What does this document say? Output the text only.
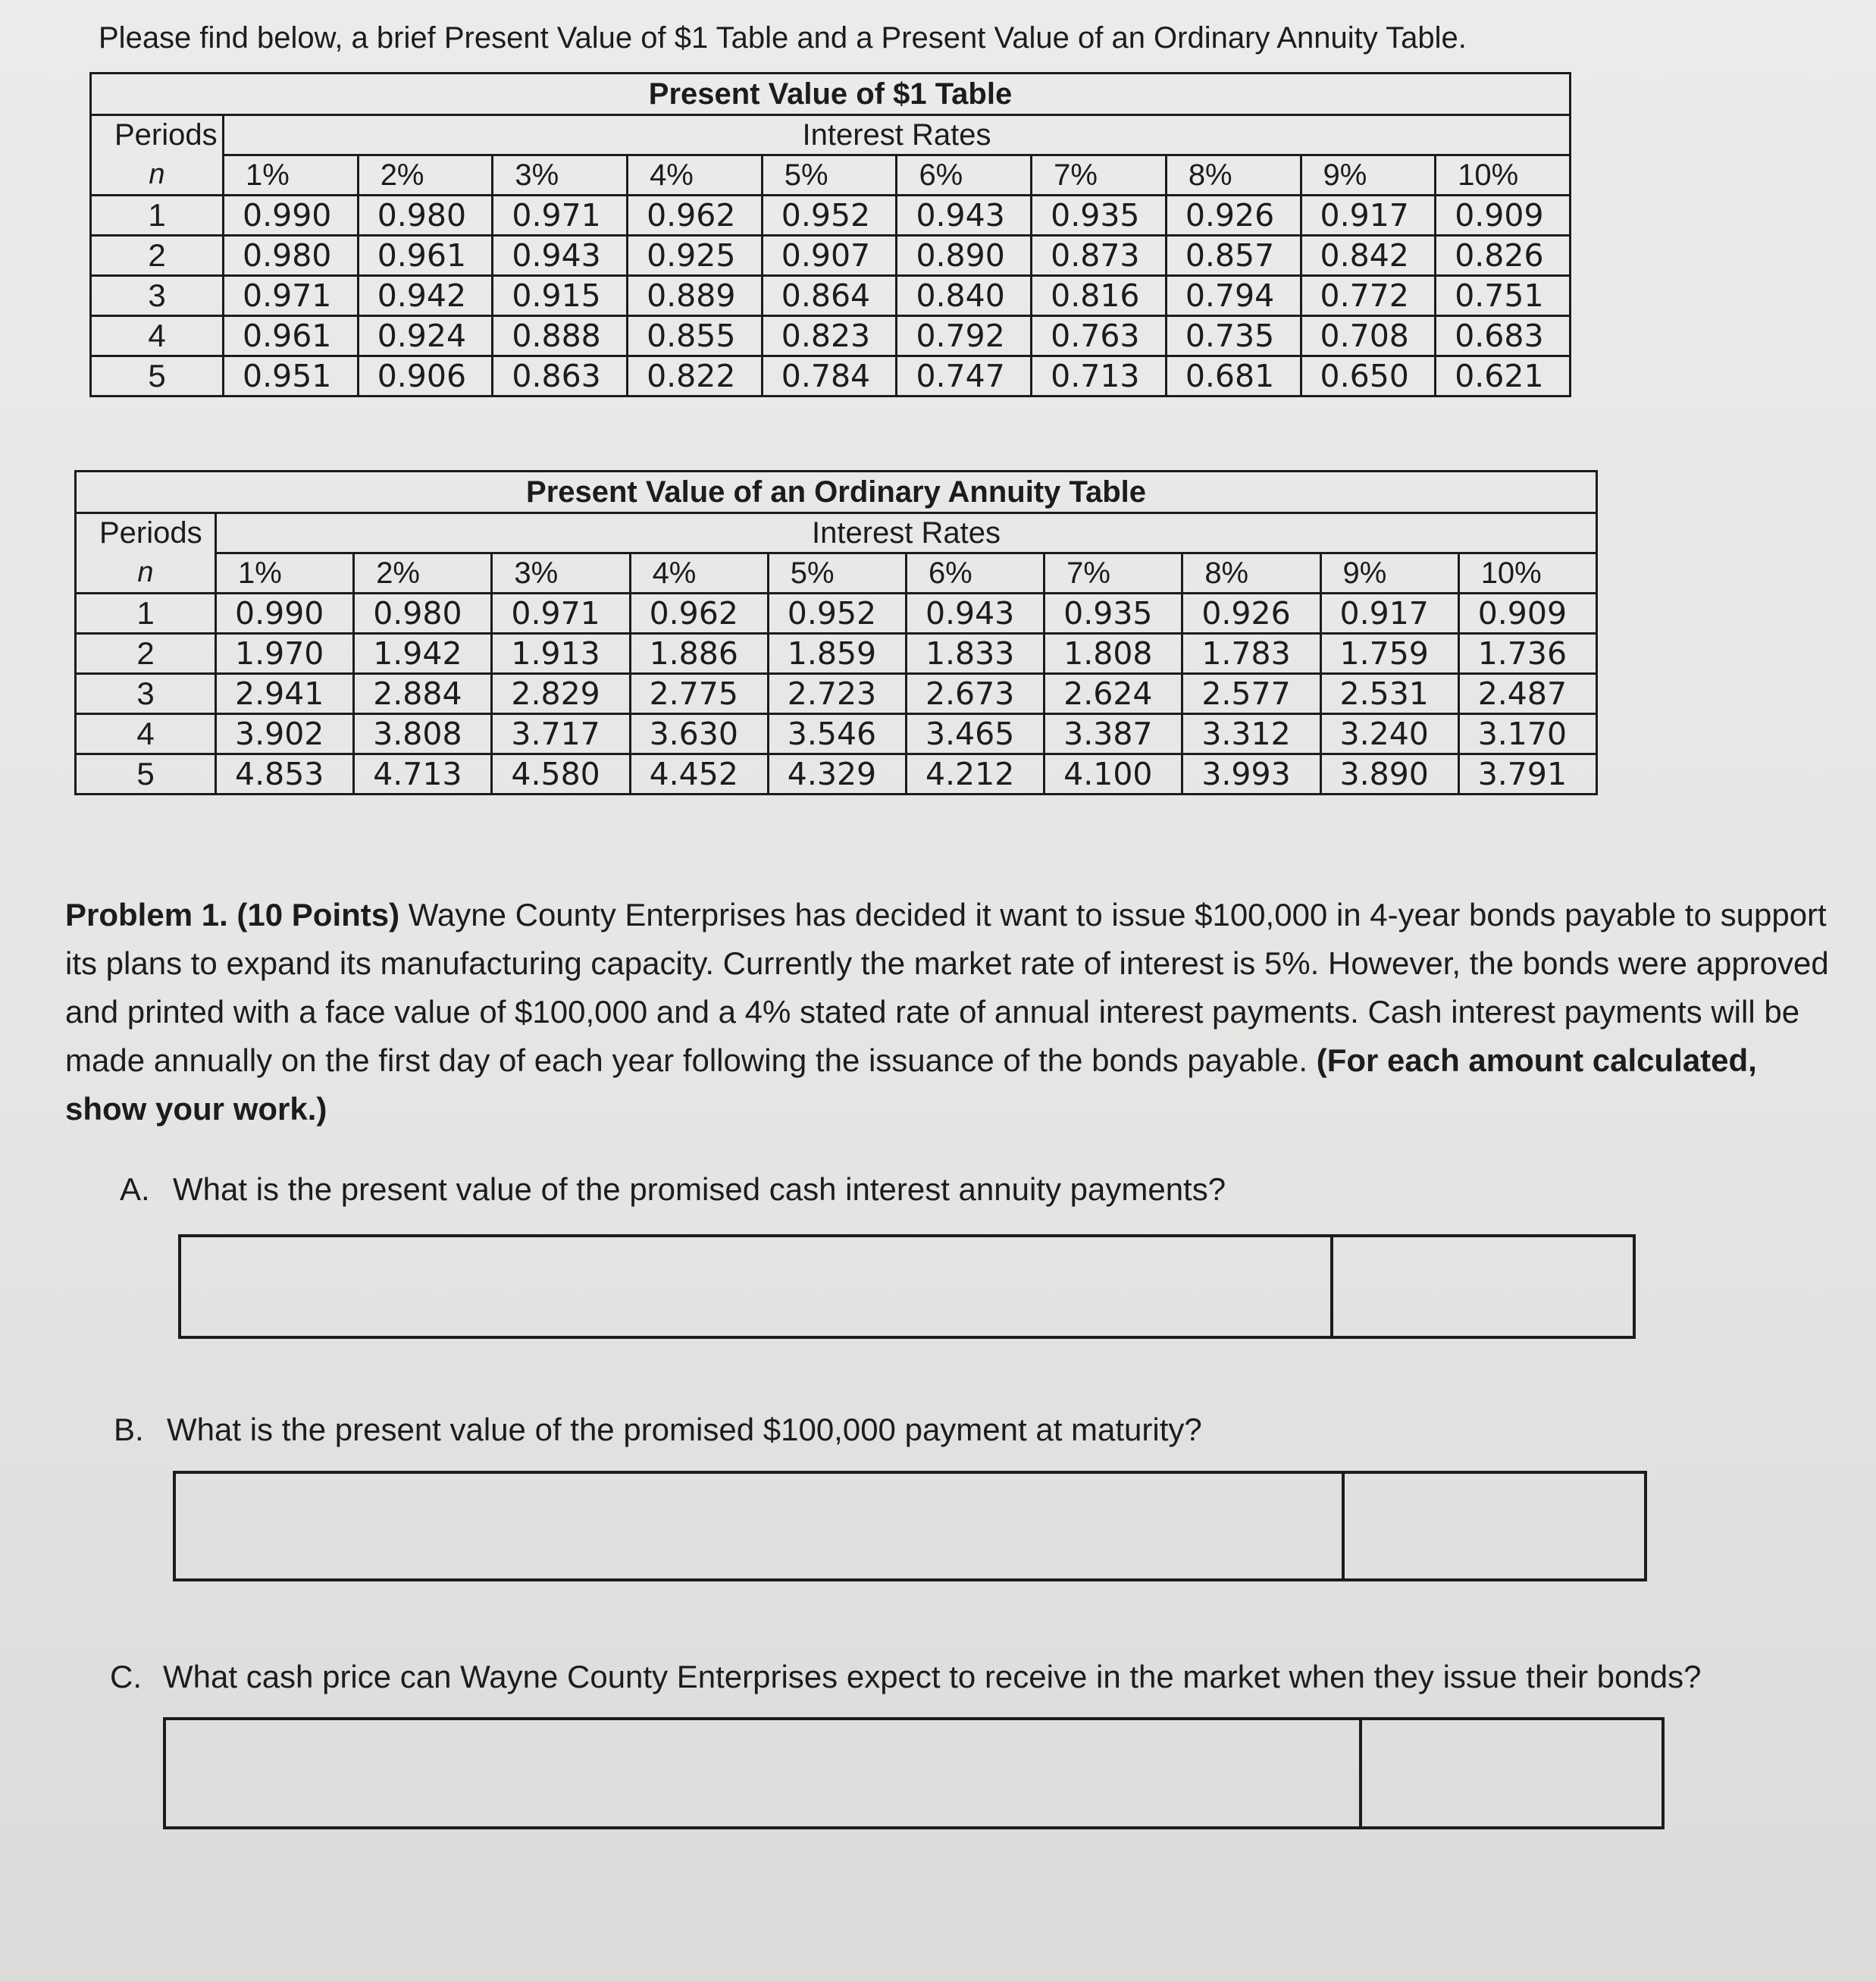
Please find below, a brief Present Value of $1 Table and a Present Value of an Ordinary Annuity Table.
Present Value of $1 Table										
Periods	Interest Rates									
n	1%	2%	3%	4%	5%	6%	7%	8%	9%	10%
1	0.990	0.980	0.971	0.962	0.952	0.943	0.935	0.926	0.917	0.909
2	0.980	0.961	0.943	0.925	0.907	0.890	0.873	0.857	0.842	0.826
3	0.971	0.942	0.915	0.889	0.864	0.840	0.816	0.794	0.772	0.751
4	0.961	0.924	0.888	0.855	0.823	0.792	0.763	0.735	0.708	0.683
5	0.951	0.906	0.863	0.822	0.784	0.747	0.713	0.681	0.650	0.621
Present Value of an Ordinary Annuity Table										
Periods	Interest Rates									
n	1%	2%	3%	4%	5%	6%	7%	8%	9%	10%
1	0.990	0.980	0.971	0.962	0.952	0.943	0.935	0.926	0.917	0.909
2	1.970	1.942	1.913	1.886	1.859	1.833	1.808	1.783	1.759	1.736
3	2.941	2.884	2.829	2.775	2.723	2.673	2.624	2.577	2.531	2.487
4	3.902	3.808	3.717	3.630	3.546	3.465	3.387	3.312	3.240	3.170
5	4.853	4.713	4.580	4.452	4.329	4.212	4.100	3.993	3.890	3.791
Problem 1. (10 Points) Wayne County Enterprises has decided it want to issue $100,000 in 4-year bonds payable to support its plans to expand its manufacturing capacity. Currently the market rate of interest is 5%. However, the bonds were approved and printed with a face value of $100,000 and a 4% stated rate of annual interest payments. Cash interest payments will be made annually on the first day of each year following the issuance of the bonds payable. (For each amount calculated, show your work.)
A. What is the present value of the promised cash interest annuity payments?
B. What is the present value of the promised $100,000 payment at maturity?
C. What cash price can Wayne County Enterprises expect to receive in the market when they issue their bonds?
